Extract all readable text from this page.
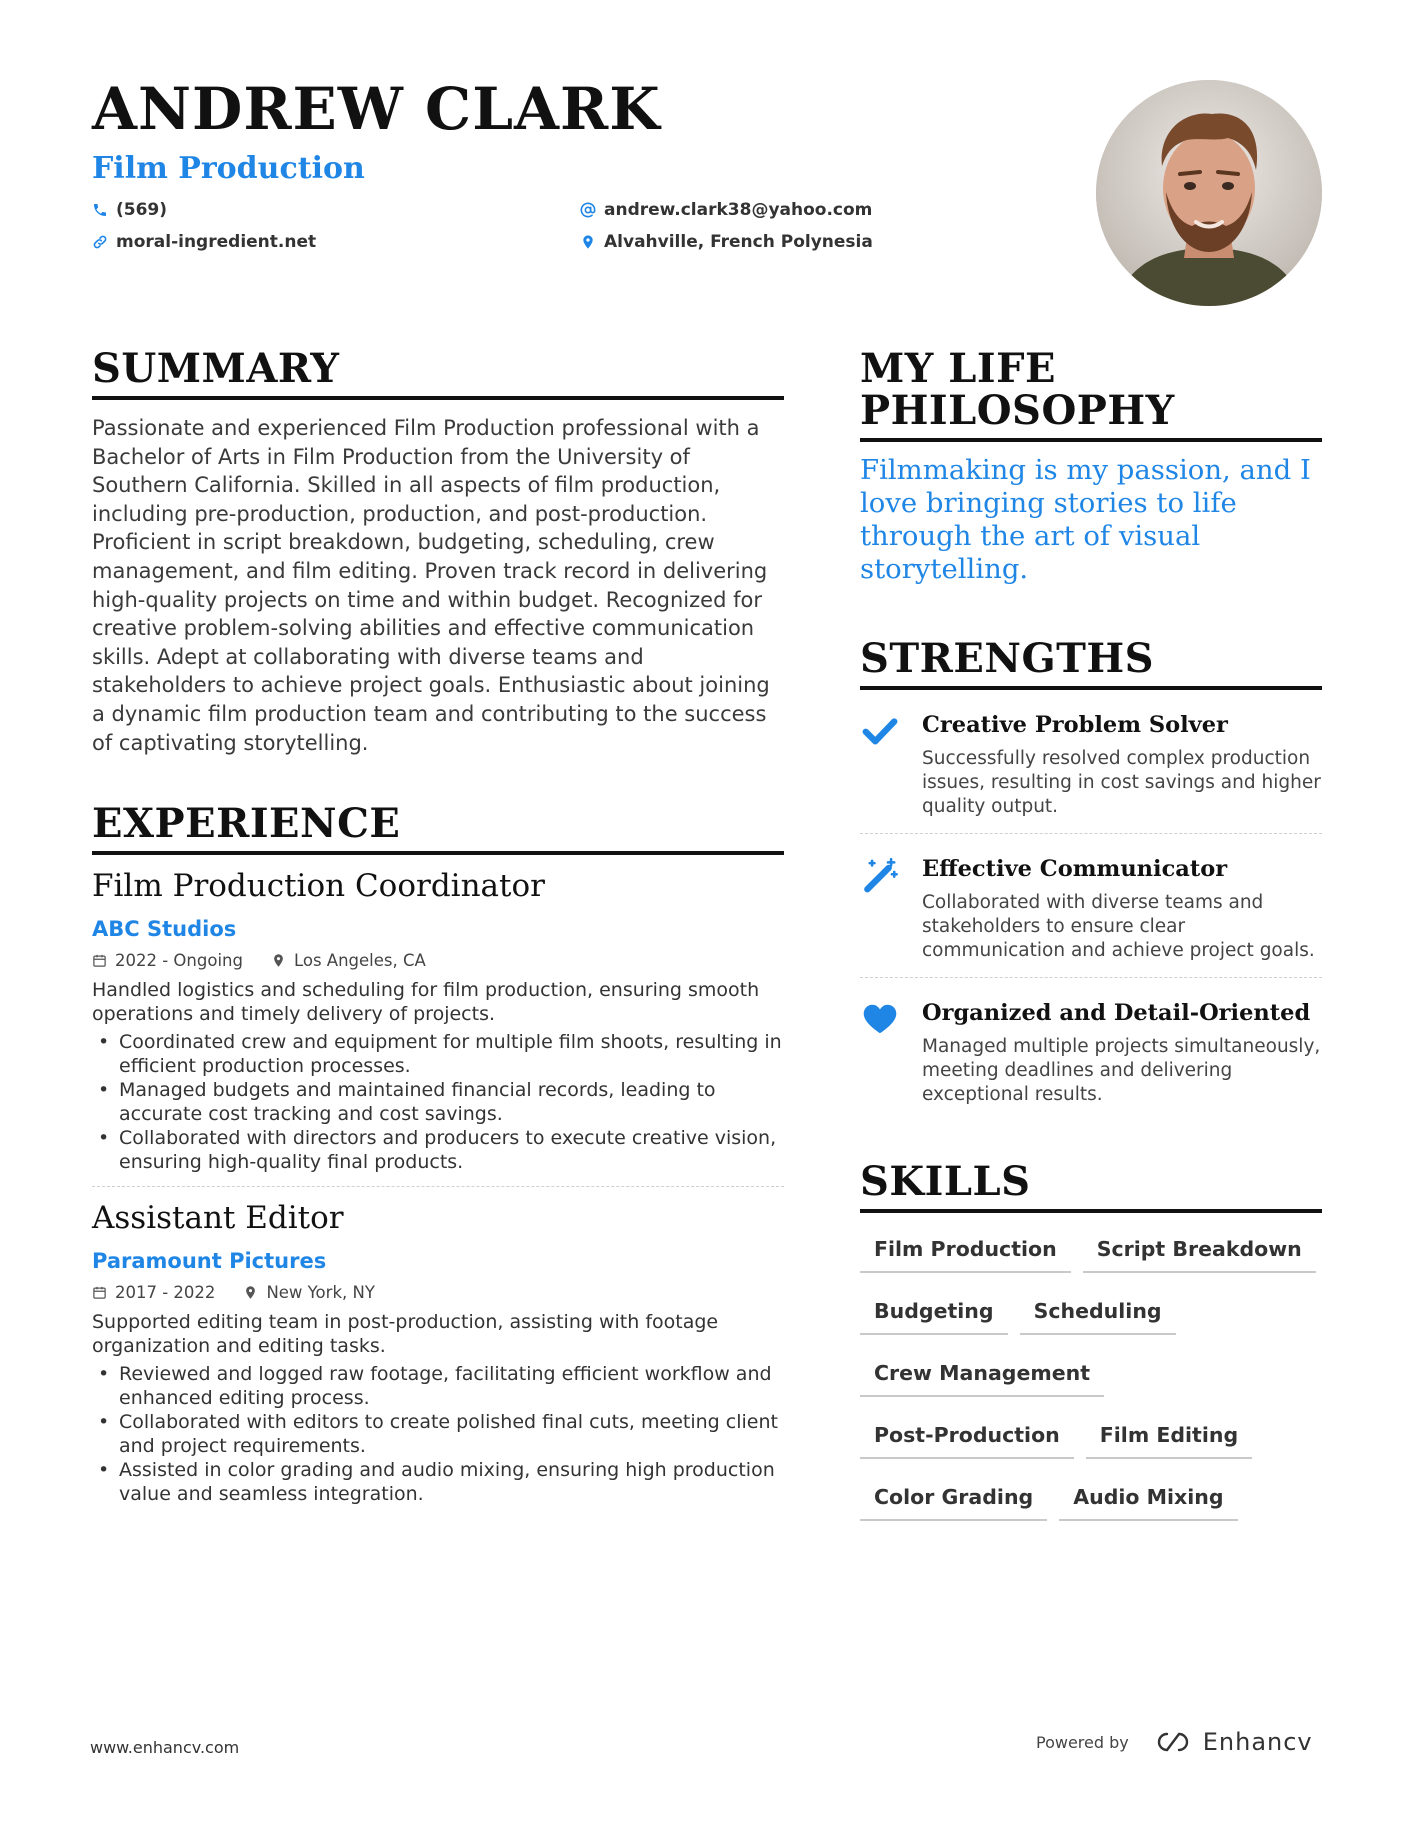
ANDREW CLARK
Film Production
(569)	andrew.clark38@yahoo.com
moral-ingredient.net	Alvahville, French Polynesia
SUMMARY

Passionate and experienced Film Production professional with a Bachelor of Arts in Film Production from the University of Southern California. Skilled in all aspects of film production, including pre-production, production, and post-production. Proficient in script breakdown, budgeting, scheduling, crew management, and film editing. Proven track record in delivering high-quality projects on time and within budget. Recognized for creative problem-solving abilities and effective communication skills. Adept at collaborating with diverse teams and stakeholders to achieve project goals. Enthusiastic about joining a dynamic film production team and contributing to the success of captivating storytelling.

EXPERIENCE
Film Production Coordinator
ABC Studios
2022 - Ongoing	Los Angeles, CA

Handled logistics and scheduling for film production, ensuring smooth operations and timely delivery of projects.

• Coordinated crew and equipment for multiple film shoots, resulting in efficient production processes.
• Managed budgets and maintained financial records, leading to accurate cost tracking and cost savings.
• Collaborated with directors and producers to execute creative vision, ensuring high-quality final products.
Assistant Editor
Paramount Pictures
2017 - 2022	New York, NY

Supported editing team in post-production, assisting with footage organization and editing tasks.

• Reviewed and logged raw footage, facilitating efficient workflow and enhanced editing process.
• Collaborated with editors to create polished final cuts, meeting client and project requirements.
• Assisted in color grading and audio mixing, ensuring high production value and seamless integration.
MY LIFE PHILOSOPHY

Filmmaking is my passion, and I love bringing stories to life through the art of visual storytelling.

STRENGTHS
Creative Problem Solver
Successfully resolved complex production issues, resulting in cost savings and higher quality output.
Effective Communicator
Collaborated with diverse teams and stakeholders to ensure clear communication and achieve project goals.
Organized and Detail-Oriented
Managed multiple projects simultaneously, meeting deadlines and delivering exceptional results.
SKILLS
Film Production	Script Breakdown
Budgeting	Scheduling
Crew Management
Post-Production	Film Editing
Color Grading	Audio Mixing
www.enhancv.com	Powered by	Enhancv
